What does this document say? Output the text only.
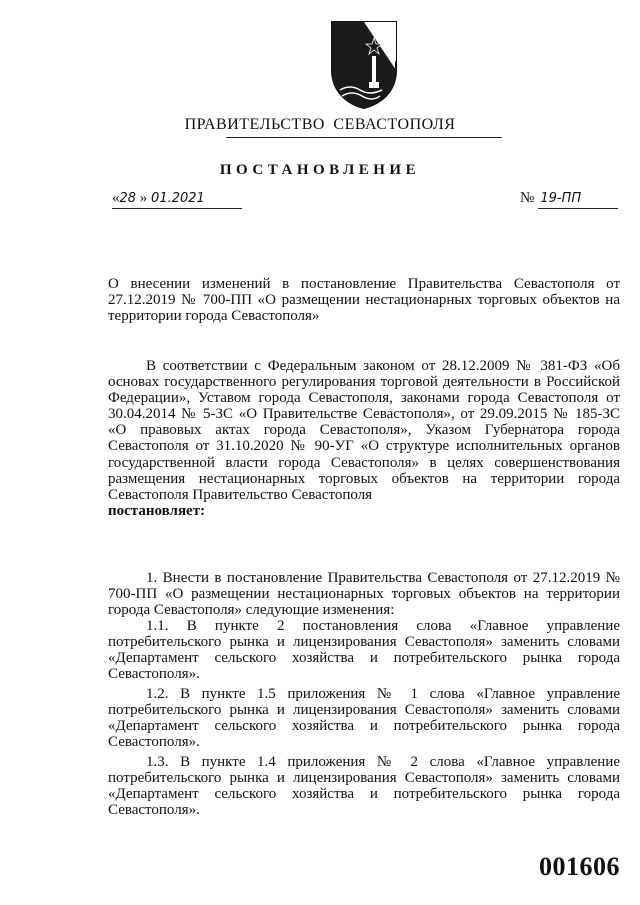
ПРАВИТЕЛЬСТВО СЕВАСТОПОЛЯ
ПОСТАНОВЛЕНИЕ
«28 » 01.2021	№ 19-ПП
О внесении изменений в постановление Правительства Севастополя от 27.12.2019 № 700-ПП «О размещении нестационарных торговых объектов на территории города Севастополя»
В соответствии с Федеральным законом от 28.12.2009 № 381-ФЗ «Об основах государственного регулирования торговой деятельности в Российской Федерации», Уставом города Севастополя, законами города Севастополя от 30.04.2014 № 5-ЗС «О Правительстве Севастополя», от 29.09.2015 № 185-ЗС «О правовых актах города Севастополя», Указом Губернатора города Севастополя от 31.10.2020 № 90-УГ «О структуре исполнительных органов государственной власти города Севастополя» в целях совершенствования размещения нестационарных торговых объектов на территории города Севастополя Правительство Севастополя
постановляет:
1. Внести в постановление Правительства Севастополя от 27.12.2019 № 700-ПП «О размещении нестационарных торговых объектов на территории города Севастополя» следующие изменения:
1.1. В пункте 2 постановления слова «Главное управление потребительского рынка и лицензирования Севастополя» заменить словами «Департамент сельского хозяйства и потребительского рынка города Севастополя».
1.2. В пункте 1.5 приложения № 1 слова «Главное управление потребительского рынка и лицензирования Севастополя» заменить словами «Департамент сельского хозяйства и потребительского рынка города Севастополя».
1.3. В пункте 1.4 приложения № 2 слова «Главное управление потребительского рынка и лицензирования Севастополя» заменить словами «Департамент сельского хозяйства и потребительского рынка города Севастополя».
001606
